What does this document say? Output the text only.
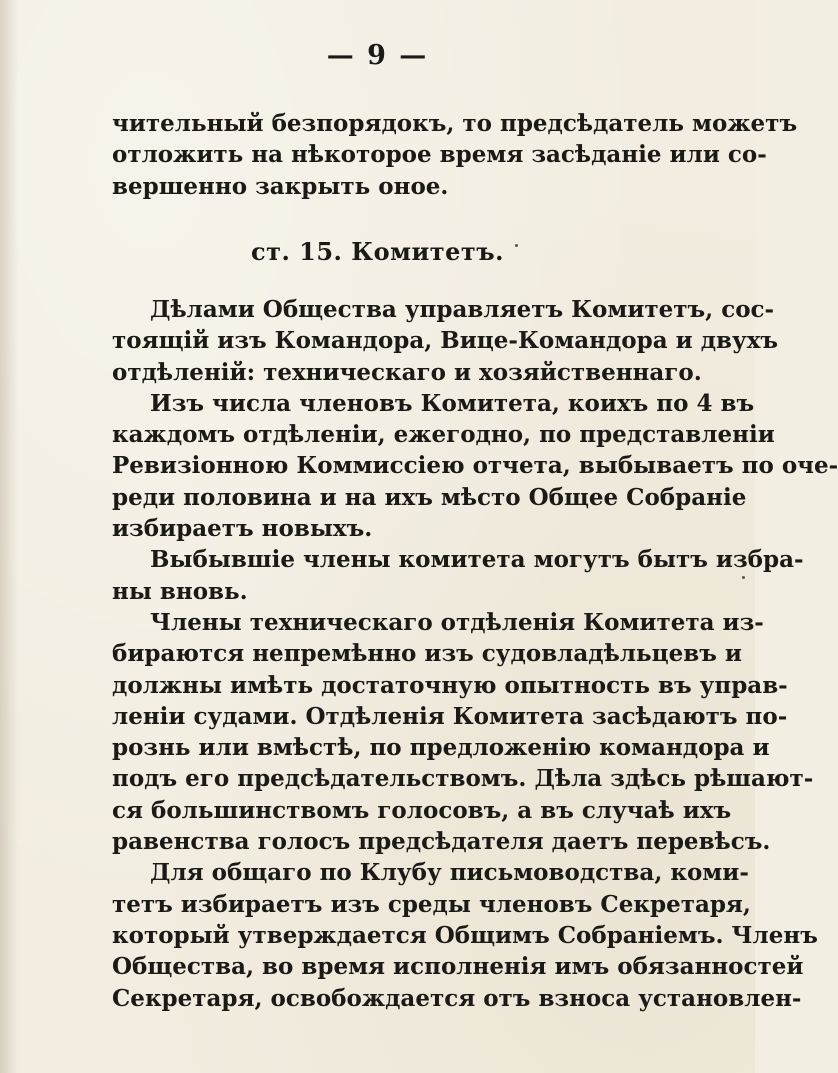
— 9 —
чительный безпорядокъ, то предсѣдатель можетъ
отложить на нѣкоторое время засѣданіе или со-
вершенно закрыть оное.
ст. 15. Комитетъ.
Дѣлами Общества управляетъ Комитетъ, сос-
тоящій изъ Командора, Вице-Командора и двухъ
отдѣленій: техническаго и хозяйственнаго.
Изъ числа членовъ Комитета, коихъ по 4 въ
каждомъ отдѣленіи, ежегодно, по представленіи
Ревизіонною Коммиссіею отчета, выбываетъ по оче-
реди половина и на ихъ мѣсто Общее Собраніе
избираетъ новыхъ.
Выбывшіе члены комитета могутъ бытъ избра-
ны вновь.
Члены техническаго отдѣленія Комитета из-
бираются непремѣнно изъ судовладѣльцевъ и
должны имѣть достаточную опытность въ управ-
леніи судами. Отдѣленія Комитета засѣдаютъ по-
рознь или вмѣстѣ, по предложенію командора и
подъ его предсѣдательствомъ. Дѣла здѣсь рѣшают-
ся большинствомъ голосовъ, а въ случаѣ ихъ
равенства голосъ предсѣдателя даетъ перевѣсъ.
Для общаго по Клубу письмоводства, коми-
тетъ избираетъ изъ среды членовъ Секретаря,
который утверждается Общимъ Собраніемъ. Членъ
Общества, во время исполненія имъ обязанностей
Секретаря, освобождается отъ взноса установлен-
